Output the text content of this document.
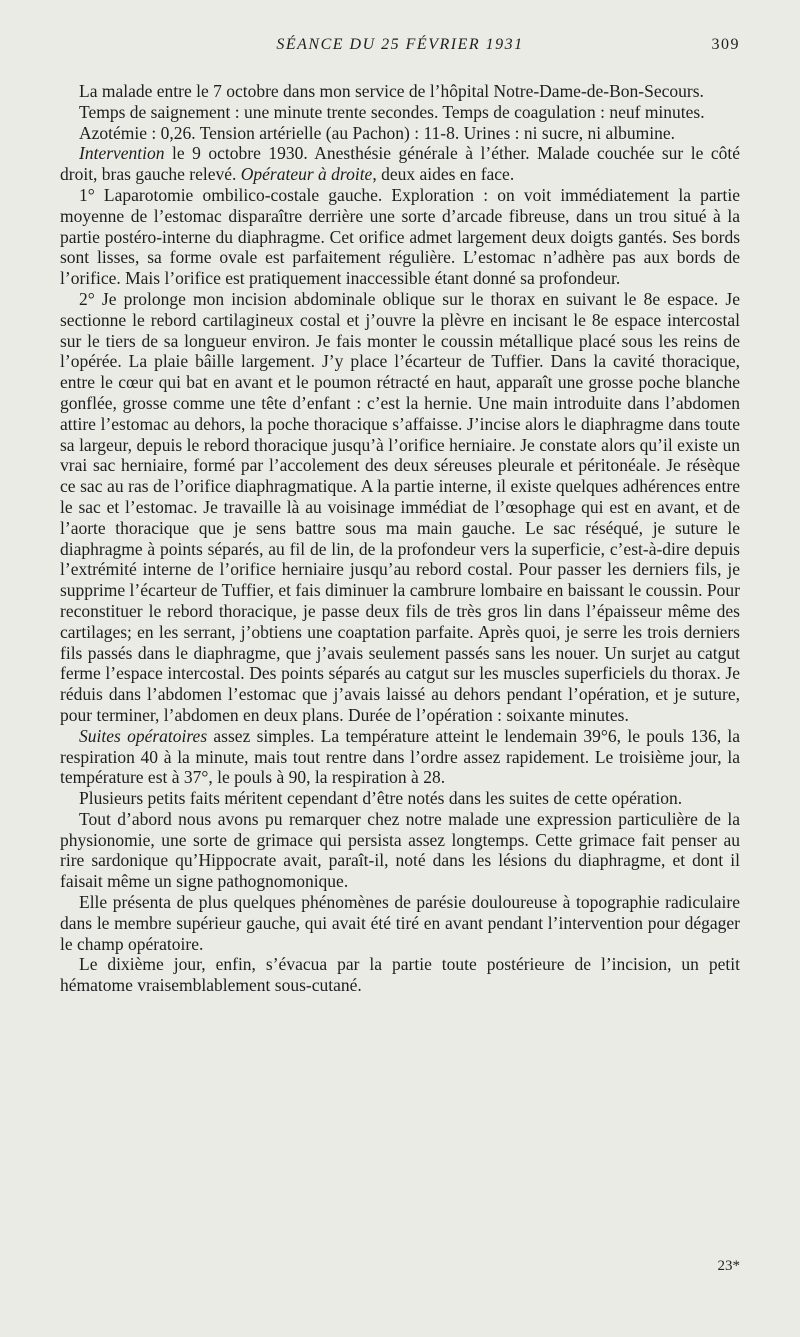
SÉANCE DU 25 FÉVRIER 1931	309

La malade entre le 7 octobre dans mon service de l’hôpital Notre-Dame-de-Bon-Secours.

Temps de saignement : une minute trente secondes. Temps de coagulation : neuf minutes.

Azotémie : 0,26. Tension artérielle (au Pachon) : 11-8. Urines : ni sucre, ni albumine.

Intervention le 9 octobre 1930. Anesthésie générale à l’éther. Malade couchée sur le côté droit, bras gauche relevé. Opérateur à droite, deux aides en face.

1° Laparotomie ombilico-costale gauche. Exploration : on voit immédiatement la partie moyenne de l’estomac disparaître derrière une sorte d’arcade fibreuse, dans un trou situé à la partie postéro-interne du diaphragme. Cet orifice admet largement deux doigts gantés. Ses bords sont lisses, sa forme ovale est parfaitement régulière. L’estomac n’adhère pas aux bords de l’orifice. Mais l’orifice est pratiquement inaccessible étant donné sa profondeur.

2° Je prolonge mon incision abdominale oblique sur le thorax en suivant le 8e espace. Je sectionne le rebord cartilagineux costal et j’ouvre la plèvre en incisant le 8e espace intercostal sur le tiers de sa longueur environ. Je fais monter le coussin métallique placé sous les reins de l’opérée. La plaie bâille largement. J’y place l’écarteur de Tuffier. Dans la cavité thoracique, entre le cœur qui bat en avant et le poumon rétracté en haut, apparaît une grosse poche blanche gonflée, grosse comme une tête d’enfant : c’est la hernie. Une main introduite dans l’abdomen attire l’estomac au dehors, la poche thoracique s’affaisse. J’incise alors le diaphragme dans toute sa largeur, depuis le rebord thoracique jusqu’à l’orifice herniaire. Je constate alors qu’il existe un vrai sac herniaire, formé par l’accolement des deux séreuses pleurale et péritonéale. Je résèque ce sac au ras de l’orifice diaphragmatique. A la partie interne, il existe quelques adhérences entre le sac et l’estomac. Je travaille là au voisinage immédiat de l’œsophage qui est en avant, et de l’aorte thoracique que je sens battre sous ma main gauche. Le sac réséqué, je suture le diaphragme à points séparés, au fil de lin, de la profondeur vers la superficie, c’est-à-dire depuis l’extrémité interne de l’orifice herniaire jusqu’au rebord costal. Pour passer les derniers fils, je supprime l’écarteur de Tuffier, et fais diminuer la cambrure lombaire en baissant le coussin. Pour reconstituer le rebord thoracique, je passe deux fils de très gros lin dans l’épaisseur même des cartilages; en les serrant, j’obtiens une coaptation parfaite. Après quoi, je serre les trois derniers fils passés dans le diaphragme, que j’avais seulement passés sans les nouer. Un surjet au catgut ferme l’espace intercostal. Des points séparés au catgut sur les muscles superficiels du thorax. Je réduis dans l’abdomen l’estomac que j’avais laissé au dehors pendant l’opération, et je suture, pour terminer, l’abdomen en deux plans. Durée de l’opération : soixante minutes.

Suites opératoires assez simples. La température atteint le lendemain 39°6, le pouls 136, la respiration 40 à la minute, mais tout rentre dans l’ordre assez rapidement. Le troisième jour, la température est à 37°, le pouls à 90, la respiration à 28.

Plusieurs petits faits méritent cependant d’être notés dans les suites de cette opération.

Tout d’abord nous avons pu remarquer chez notre malade une expression particulière de la physionomie, une sorte de grimace qui persista assez longtemps. Cette grimace fait penser au rire sardonique qu’Hippocrate avait, paraît-il, noté dans les lésions du diaphragme, et dont il faisait même un signe pathognomonique.

Elle présenta de plus quelques phénomènes de parésie douloureuse à topographie radiculaire dans le membre supérieur gauche, qui avait été tiré en avant pendant l’intervention pour dégager le champ opératoire.

Le dixième jour, enfin, s’évacua par la partie toute postérieure de l’incision, un petit hématome vraisemblablement sous-cutané.

23*
